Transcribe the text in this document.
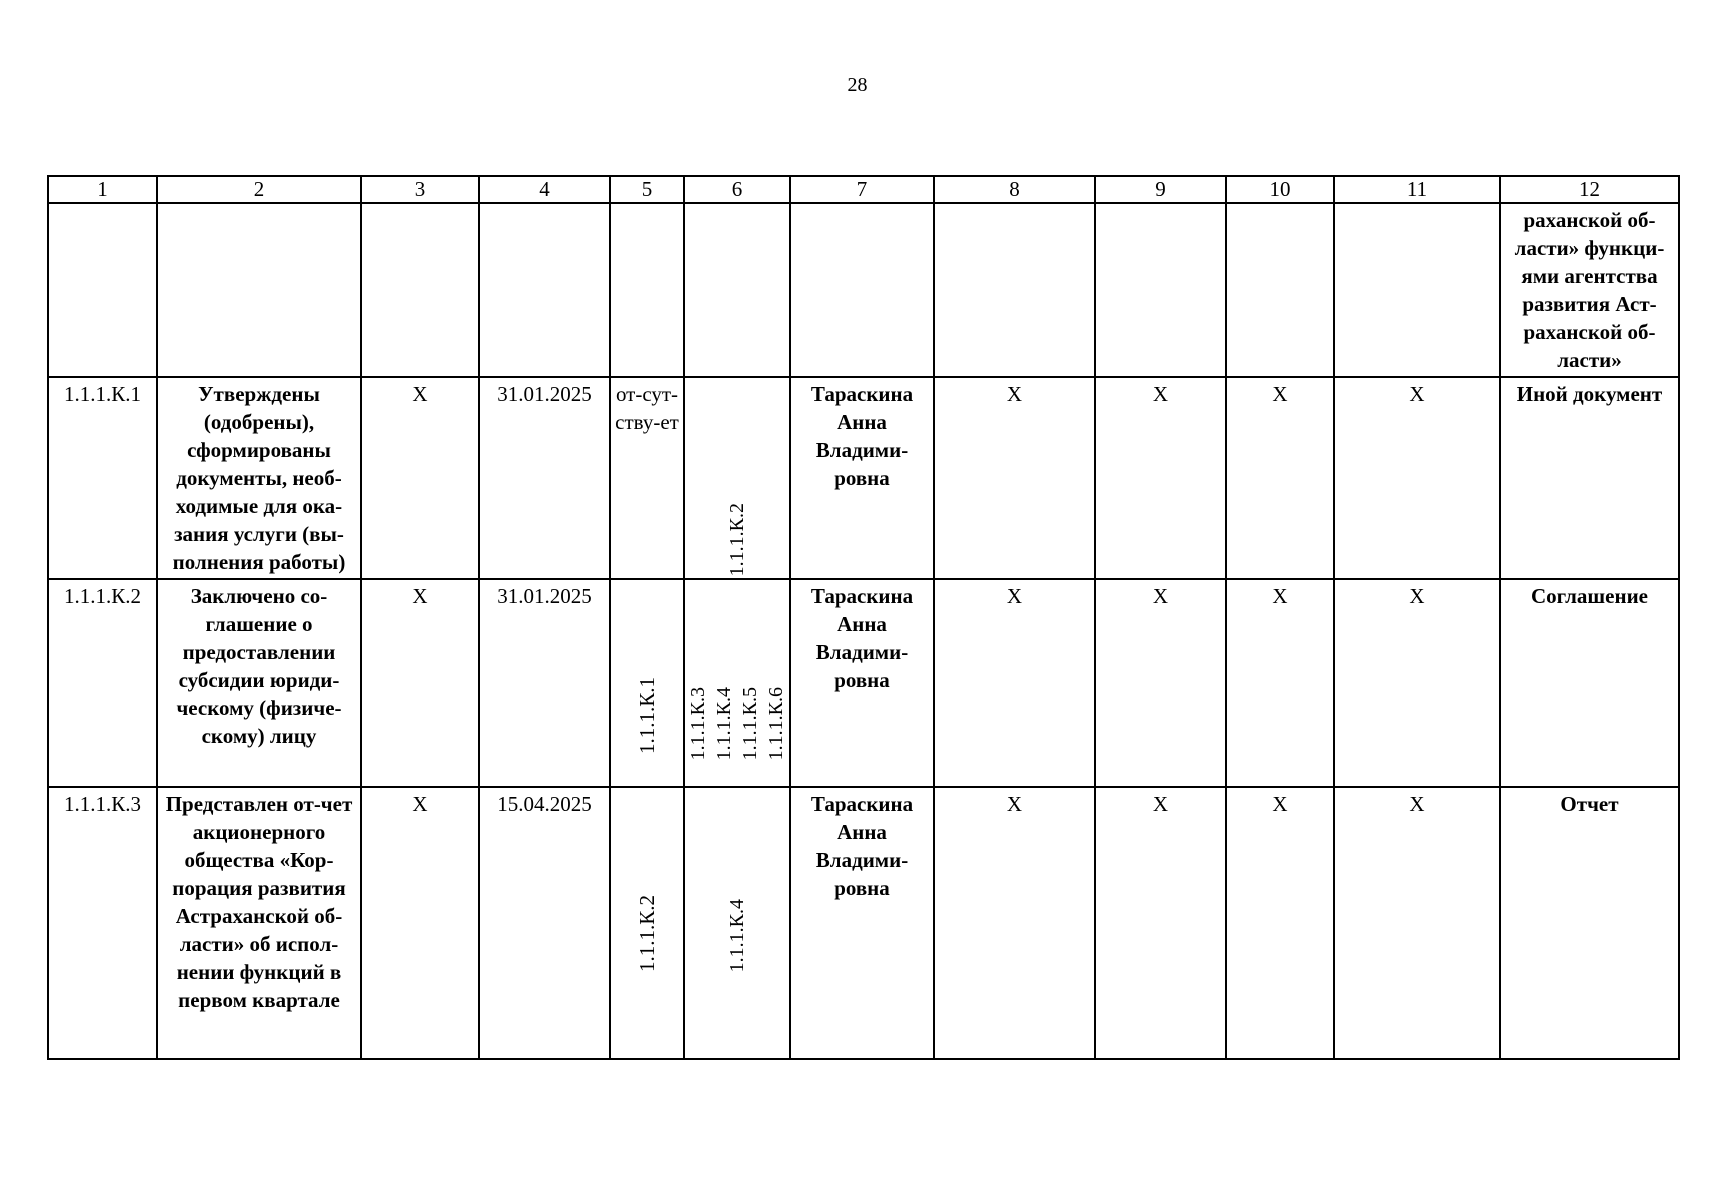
28
1	2	3	4	5	6	7	8	9	10	11	12
											раханской об-ласти» функци-ями агентства развития Аст-раханской об-ласти»
1.1.1.К.1	Утверждены (одобрены), сформированы документы, необ-ходимые для ока-зания услуги (вы-полнения работы)	X	31.01.2025	от-сут-ству-ет	1.1.1.К.2	Тараскина Анна Владими-ровна	X	X	X	X	Иной документ
1.1.1.К.2	Заключено со-глашение о предоставлении субсидии юриди-ческому (физиче-скому) лицу	X	31.01.2025	1.1.1.К.1	1.1.1.К.3 1.1.1.К.4 1.1.1.К.5 1.1.1.К.6	Тараскина Анна Владими-ровна	X	X	X	X	Соглашение
1.1.1.К.3	Представлен от-чет акционерного общества «Кор-порация развития Астраханской об-ласти» об испол-нении функций в первом квартале	X	15.04.2025	1.1.1.К.2	1.1.1.К.4	Тараскина Анна Владими-ровна	X	X	X	X	Отчет
